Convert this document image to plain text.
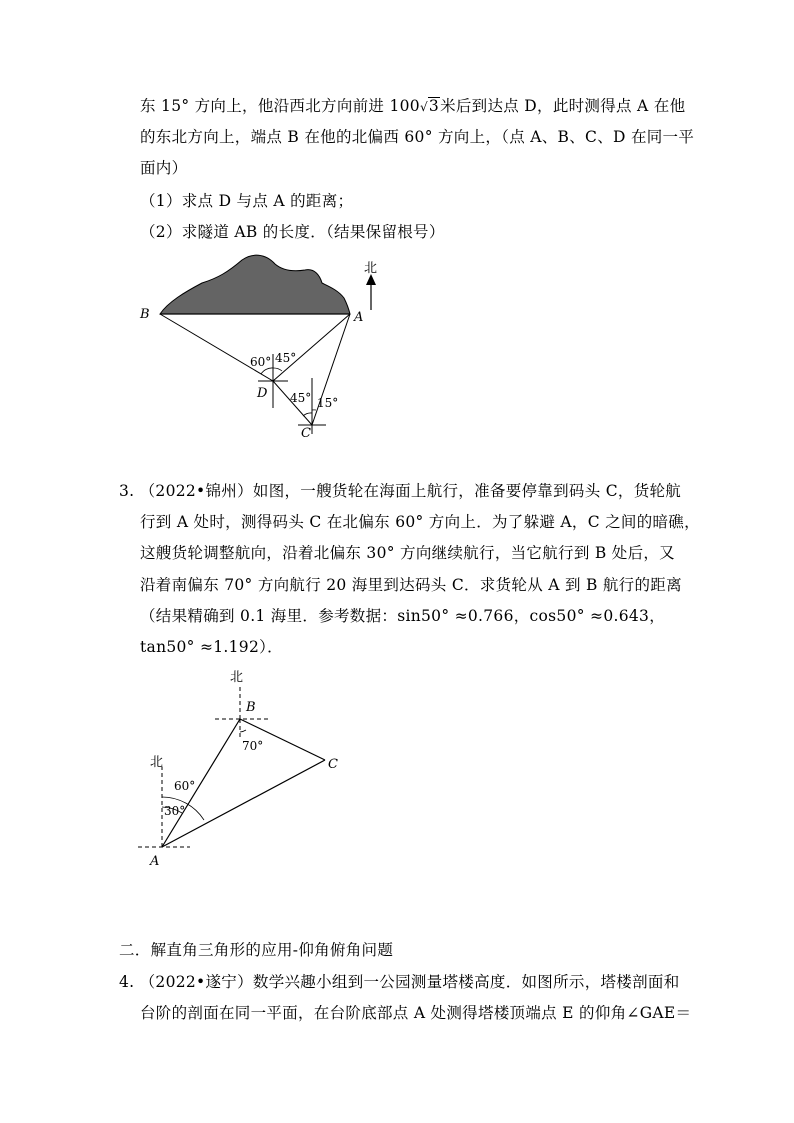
东 15° 方向上，他沿西北方向前进 100√3米后到达点 D，此时测得点 A 在他
的东北方向上，端点 B 在他的北偏西 60° 方向上，（点 A、B、C、D 在同一平
面内）
（1）求点 D 与点 A 的距离；
（2）求隧道 AB 的长度．（结果保留根号）
B	A
D
C
北
60° 45°
45° 15°
3. （2022•锦州）如图，一艘货轮在海面上航行，准备要停靠到码头 C，货轮航
行到 A 处时，测得码头 C 在北偏东 60° 方向上．为了躲避 A，C 之间的暗礁，
这艘货轮调整航向，沿着北偏东 30° 方向继续航行，当它航行到 B 处后，又
沿着南偏东 70° 方向航行 20 海里到达码头 C．求货轮从 A 到 B 航行的距离
（结果精确到 0.1 海里．参考数据：sin50° ≈0.766，cos50° ≈0.643，
tan50° ≈1.192）．
北
北
B
C
A
70°
60°
30°
二．解直角三角形的应用-仰角俯角问题
4. （2022•遂宁）数学兴趣小组到一公园测量塔楼高度．如图所示，塔楼剖面和
台阶的剖面在同一平面，在台阶底部点 A 处测得塔楼顶端点 E 的仰角∠GAE＝
